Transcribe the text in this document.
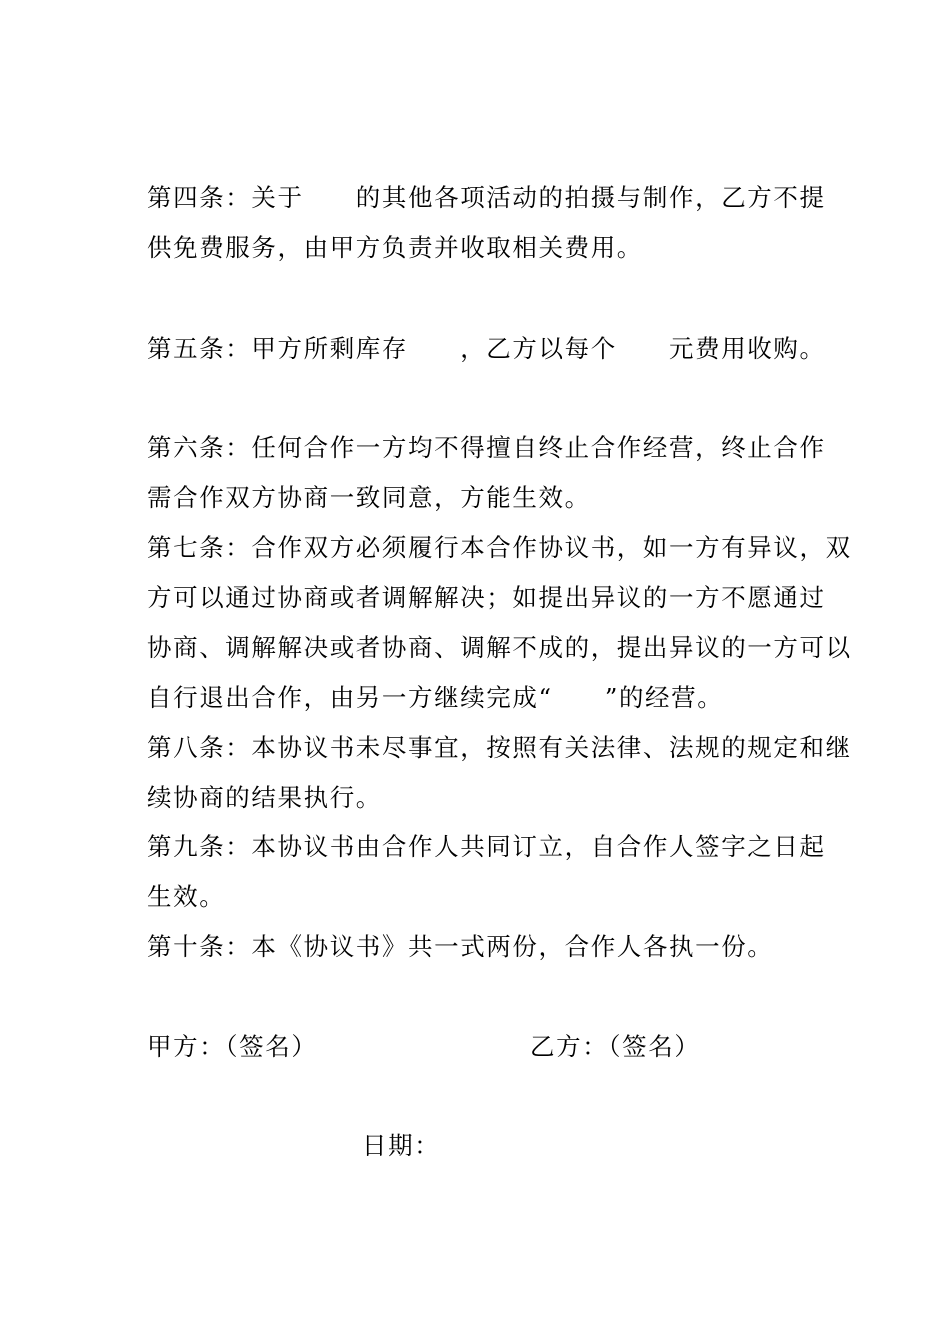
第四条：关于　　的其他各项活动的拍摄与制作，乙方不提
供免费服务，由甲方负责并收取相关费用。
第五条：甲方所剩库存　　，乙方以每个　　元费用收购。
第六条：任何合作一方均不得擅自终止合作经营，终止合作
需合作双方协商一致同意，方能生效。
第七条：合作双方必须履行本合作协议书，如一方有异议，双
方可以通过协商或者调解解决；如提出异议的一方不愿通过
协商、调解解决或者协商、调解不成的，提出异议的一方可以
自行退出合作，由另一方继续完成“　　”的经营。
第八条：本协议书未尽事宜，按照有关法律、法规的规定和继
续协商的结果执行。
第九条：本协议书由合作人共同订立，自合作人签字之日起
生效。
第十条：本《协议书》共一式两份，合作人各执一份。
甲方：（签名）	乙方：（签名）
日期：
